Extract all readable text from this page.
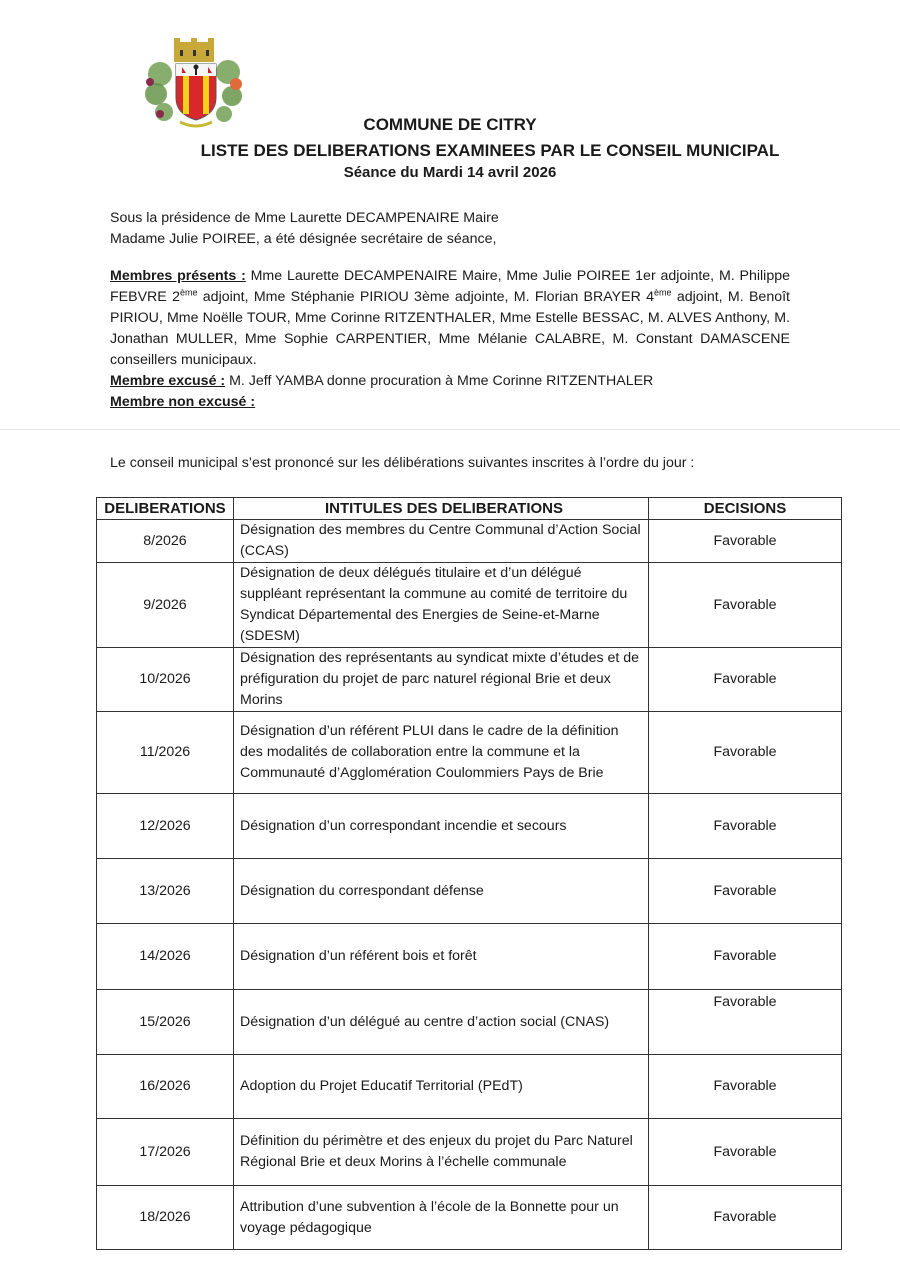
COMMUNE DE CITRY
LISTE DES DELIBERATIONS EXAMINEES PAR LE CONSEIL MUNICIPAL
Séance du Mardi 14 avril 2026

Sous la présidence de Mme Laurette DECAMPENAIRE Maire

Madame Julie POIREE, a été désignée secrétaire de séance,

Membres présents : Mme Laurette DECAMPENAIRE Maire, Mme Julie POIREE 1er adjointe, M. Philippe FEBVRE 2ème adjoint, Mme Stéphanie PIRIOU 3ème adjointe, M. Florian BRAYER 4ème adjoint, M. Benoît PIRIOU, Mme Noëlle TOUR, Mme Corinne RITZENTHALER, Mme Estelle BESSAC, M. ALVES Anthony, M. Jonathan MULLER, Mme Sophie CARPENTIER, Mme Mélanie CALABRE, M. Constant DAMASCENE conseillers municipaux.

Membre excusé : M. Jeff YAMBA donne procuration à Mme Corinne RITZENTHALER

Membre non excusé :

Le conseil municipal s’est prononcé sur les délibérations suivantes inscrites à l’ordre du jour :
DELIBERATIONS	INTITULES DES DELIBERATIONS	DECISIONS
8/2026	Désignation des membres du Centre Communal d’Action Social (CCAS)	Favorable
9/2026	Désignation de deux délégués titulaire et d’un délégué suppléant représentant la commune au comité de territoire du Syndicat Départemental des Energies de Seine-et-Marne (SDESM)	Favorable
10/2026	Désignation des représentants au syndicat mixte d’études et de préfiguration du projet de parc naturel régional Brie et deux Morins	Favorable
11/2026	Désignation d’un référent PLUI dans le cadre de la définition des modalités de collaboration entre la commune et la Communauté d’Agglomération Coulommiers Pays de Brie	Favorable
12/2026	Désignation d’un correspondant incendie et secours	Favorable
13/2026	Désignation du correspondant défense	Favorable
14/2026	Désignation d’un référent bois et forêt	Favorable
15/2026	Désignation d’un délégué au centre d’action social (CNAS)	Favorable
16/2026	Adoption du Projet Educatif Territorial (PEdT)	Favorable
17/2026	Définition du périmètre et des enjeux du projet du Parc Naturel Régional Brie et deux Morins à l’échelle communale	Favorable
18/2026	Attribution d’une subvention à l’école de la Bonnette pour un voyage pédagogique	Favorable
